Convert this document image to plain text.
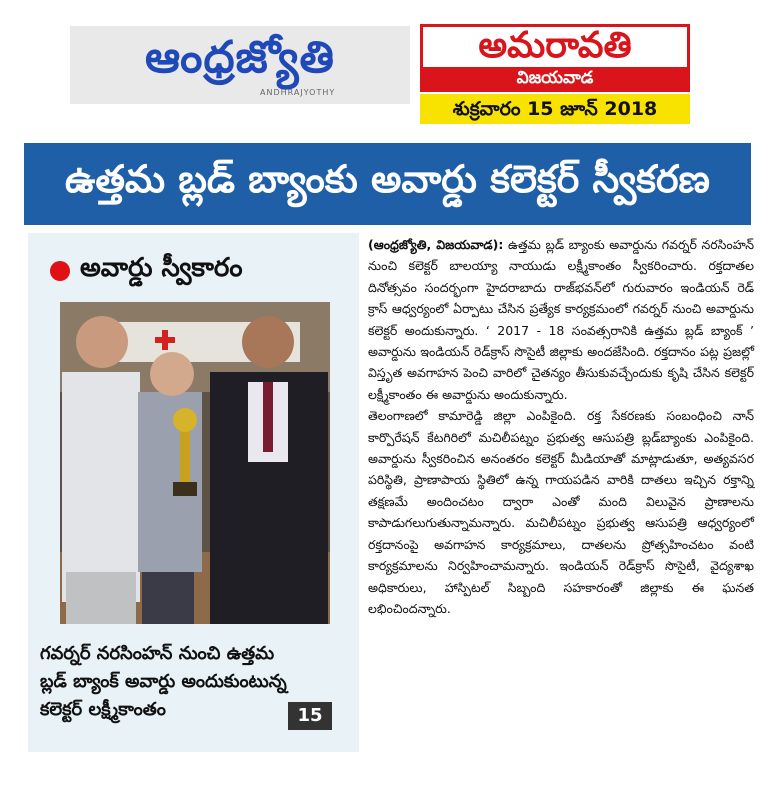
ఆంధ్రజ్యోతి
ANDHRAJYOTHY
అమరావతి
విజయవాడ
శుక్రవారం 15 జూన్ 2018
ఉత్తమ బ్లడ్ బ్యాంకు అవార్డు కలెక్టర్ స్వీకరణ
అవార్డు స్వీకారం
గవర్నర్ నరసింహన్ నుంచి ఉత్తమ
బ్లడ్ బ్యాంక్ అవార్డు అందుకుంటున్న
కలెక్టర్ లక్ష్మీకాంతం	15

(ఆంధ్రజ్యోతి, విజయవాడ): ఉత్తమ బ్లడ్ బ్యాంకు అవార్డును గవర్నర్ నరసింహన్ నుంచి కలెక్టర్ బాలయ్యా నాయుడు లక్ష్మీకాంతం స్వీకరించారు. రక్తదాతల దినోత్సవం సందర్భంగా హైదరాబాదు రాజ్‌భవన్‌లో గురువారం ఇండియన్ రెడ్ క్రాస్ ఆధ్వర్యంలో ఏర్పాటు చేసిన ప్రత్యేక కార్యక్రమంలో గవర్నర్ నుంచి అవార్డును కలెక్టర్ అందుకున్నారు. ‘ 2017 - 18 సంవత్సరానికి ఉత్తమ బ్లడ్ బ్యాంక్ ’ అవార్డును ఇండియన్ రెడ్‌క్రాస్ సొసైటీ జిల్లాకు అందజేసింది. రక్తదానం పట్ల ప్రజల్లో విస్తృత అవగాహన పెంచి వారిలో చైతన్యం తీసుకువచ్చేందుకు కృషి చేసిన కలెక్టర్ లక్ష్మీకాంతం ఈ అవార్డును అందుకున్నారు.

తెలంగాణలో కామారెడ్డి జిల్లా ఎంపికైంది. రక్త సేకరణకు సంబంధించి నాన్ కార్పొరేషన్ కేటగిరిలో మచిలీపట్నం ప్రభుత్వ ఆసుపత్రి బ్లడ్‌బ్యాంకు ఎంపికైంది. అవార్డును స్వీకరించిన అనంతరం కలెక్టర్ మీడియాతో మాట్లాడుతూ, అత్యవసర పరిస్థితి, ప్రాణాపాయ స్థితిలో ఉన్న గాయపడిన వారికి దాతలు ఇచ్చిన రక్తాన్ని తక్షణమే అందించటం ద్వారా ఎంతో మంది విలువైన ప్రాణాలను కాపాడుగలుగుతున్నామన్నారు. మచిలీపట్నం ప్రభుత్వ ఆసుపత్రి ఆధ్వర్యంలో రక్తదానంపై అవగాహన కార్యక్రమాలు, దాతలను ప్రోత్సహించటం వంటి కార్యక్రమాలను నిర్వహించామన్నారు. ఇండియన్ రెడ్‌క్రాస్ సొసైటీ, వైద్యశాఖ అధికారులు, హాస్పిటల్ సిబ్బంది సహకారంతో జిల్లాకు ఈ ఘనత లభించిందన్నారు.
